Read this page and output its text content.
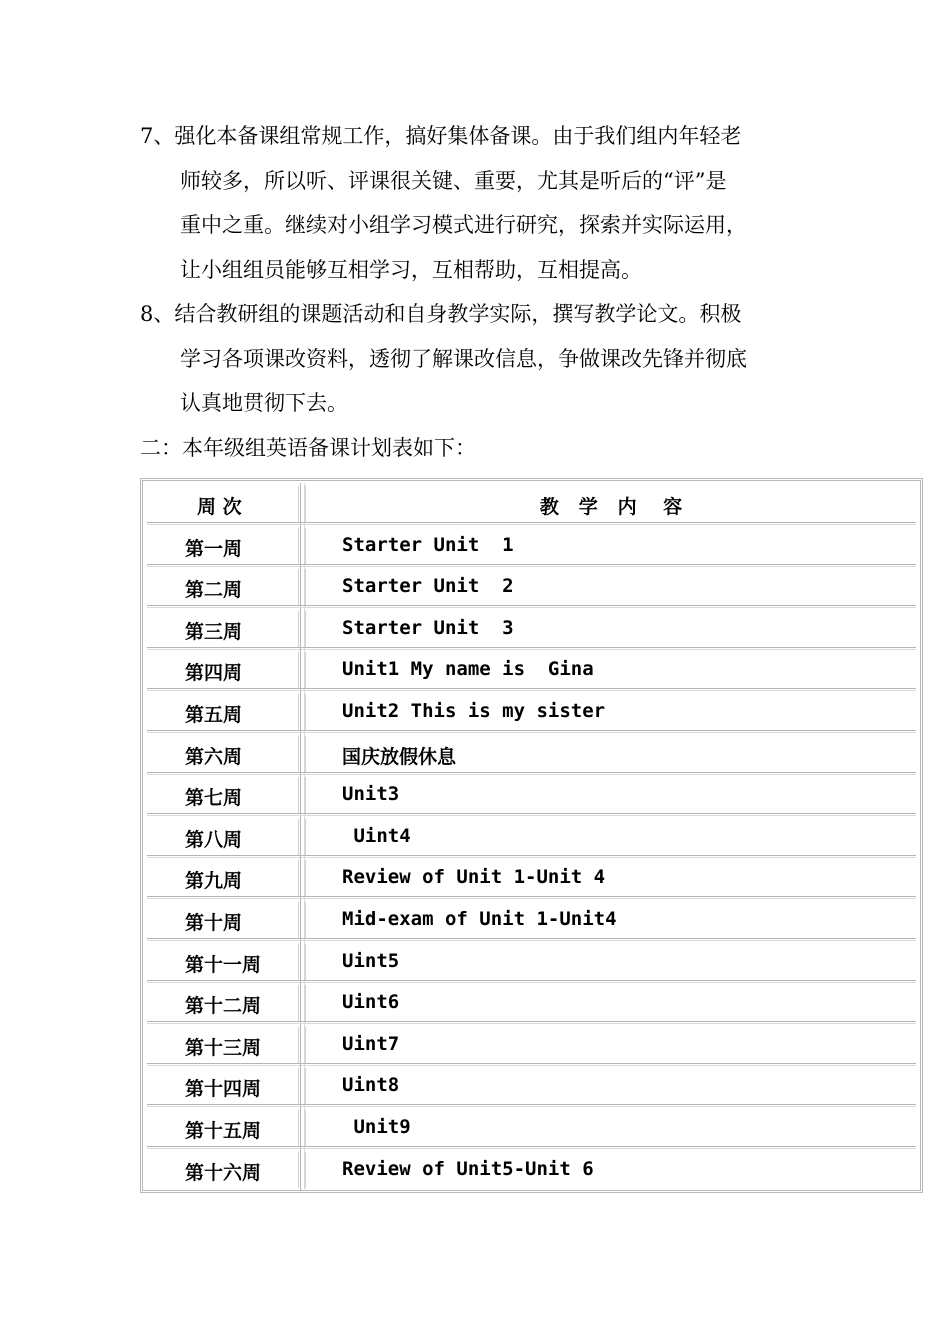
7、强化本备课组常规工作，搞好集体备课。由于我们组内年轻老
师较多，所以听、评课很关键、重要，尤其是听后的“评”是
重中之重。继续对小组学习模式进行研究，探索并实际运用，
让小组组员能够互相学习，互相帮助，互相提高。
8、结合教研组的课题活动和自身教学实际，撰写教学论文。积极
学习各项课改资料，透彻了解课改信息，争做课改先锋并彻底
认真地贯彻下去。
二：本年级组英语备课计划表如下：
周 次	教   学   内    容
第一周	Starter Unit  1
第二周	Starter Unit  2
第三周	Starter Unit  3
第四周	Unit1 My name is  Gina
第五周	Unit2 This is my sister
第六周	国庆放假休息
第七周	Unit3
第八周	Uint4
第九周	Review of Unit 1-Unit 4
第十周	Mid-exam of Unit 1-Unit4
第十一周	Uint5
第十二周	Uint6
第十三周	Uint7
第十四周	Uint8
第十五周	Unit9
第十六周	Review of Unit5-Unit 6
